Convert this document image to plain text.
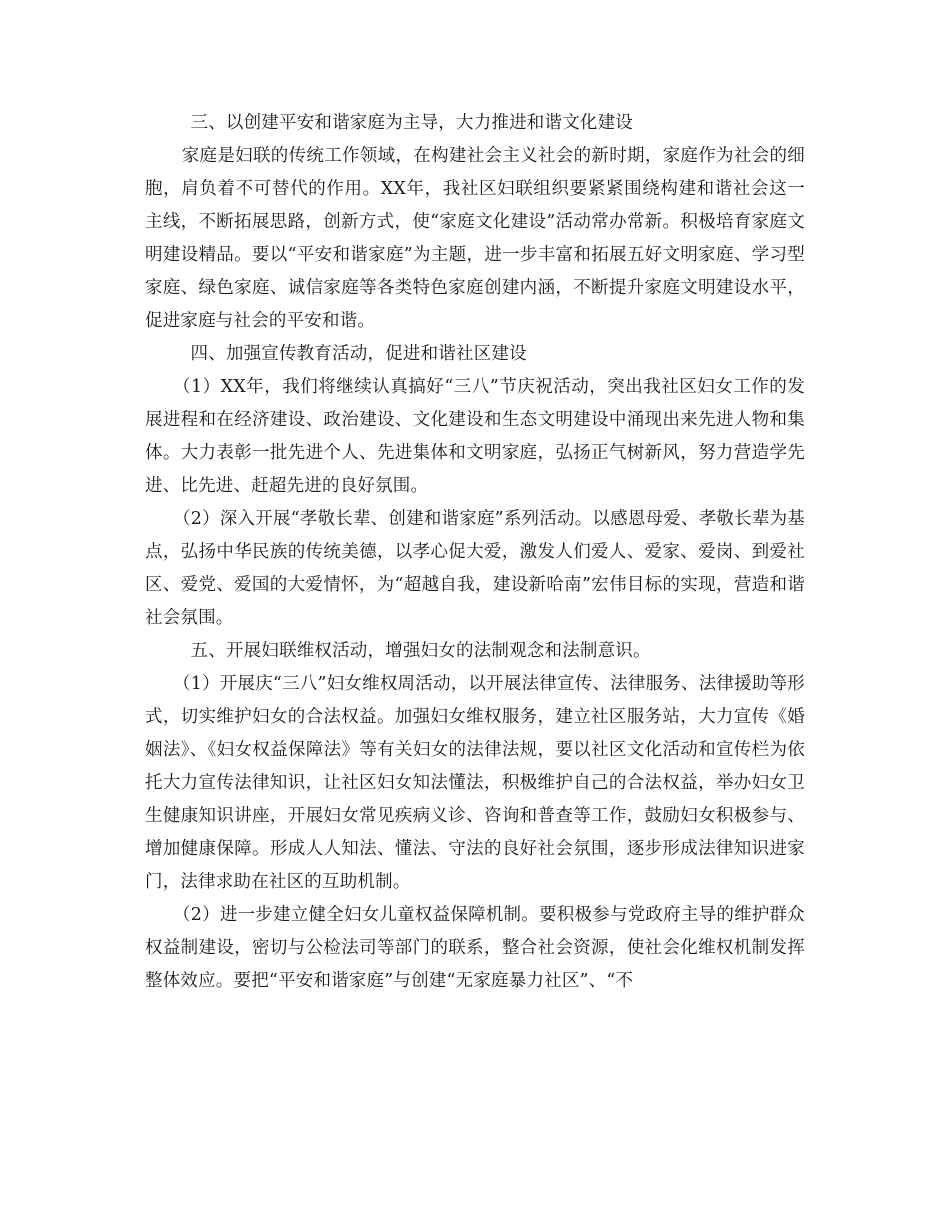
三、以创建平安和谐家庭为主导，大力推进和谐文化建设

家庭是妇联的传统工作领域，在构建社会主义社会的新时期，家庭作为社会的细胞，肩负着不可替代的作用。XX年，我社区妇联组织要紧紧围绕构建和谐社会这一主线，不断拓展思路，创新方式，使“家庭文化建设”活动常办常新。积极培育家庭文明建设精品。要以“平安和谐家庭”为主题，进一步丰富和拓展五好文明家庭、学习型家庭、绿色家庭、诚信家庭等各类特色家庭创建内涵，不断提升家庭文明建设水平，促进家庭与社会的平安和谐。

四、加强宣传教育活动，促进和谐社区建设

（1）XX年，我们将继续认真搞好“三八”节庆祝活动，突出我社区妇女工作的发展进程和在经济建设、政治建设、文化建设和生态文明建设中涌现出来先进人物和集体。大力表彰一批先进个人、先进集体和文明家庭，弘扬正气树新风，努力营造学先进、比先进、赶超先进的良好氛围。

（2）深入开展“孝敬长辈、创建和谐家庭”系列活动。以感恩母爱、孝敬长辈为基点，弘扬中华民族的传统美德，以孝心促大爱，激发人们爱人、爱家、爱岗、到爱社区、爱党、爱国的大爱情怀，为“超越自我，建设新哈南”宏伟目标的实现，营造和谐社会氛围。

五、开展妇联维权活动，增强妇女的法制观念和法制意识。

（1）开展庆“三八”妇女维权周活动，以开展法律宣传、法律服务、法律援助等形式，切实维护妇女的合法权益。加强妇女维权服务，建立社区服务站，大力宣传《婚姻法》、《妇女权益保障法》等有关妇女的法律法规，要以社区文化活动和宣传栏为依托大力宣传法律知识，让社区妇女知法懂法，积极维护自己的合法权益，举办妇女卫生健康知识讲座，开展妇女常见疾病义诊、咨询和普查等工作，鼓励妇女积极参与、增加健康保障。形成人人知法、懂法、守法的良好社会氛围，逐步形成法律知识进家门，法律求助在社区的互助机制。

（2）进一步建立健全妇女儿童权益保障机制。要积极参与党政府主导的维护群众权益制建设，密切与公检法司等部门的联系，整合社会资源，使社会化维权机制发挥整体效应。要把“平安和谐家庭”与创建“无家庭暴力社区”、“不
